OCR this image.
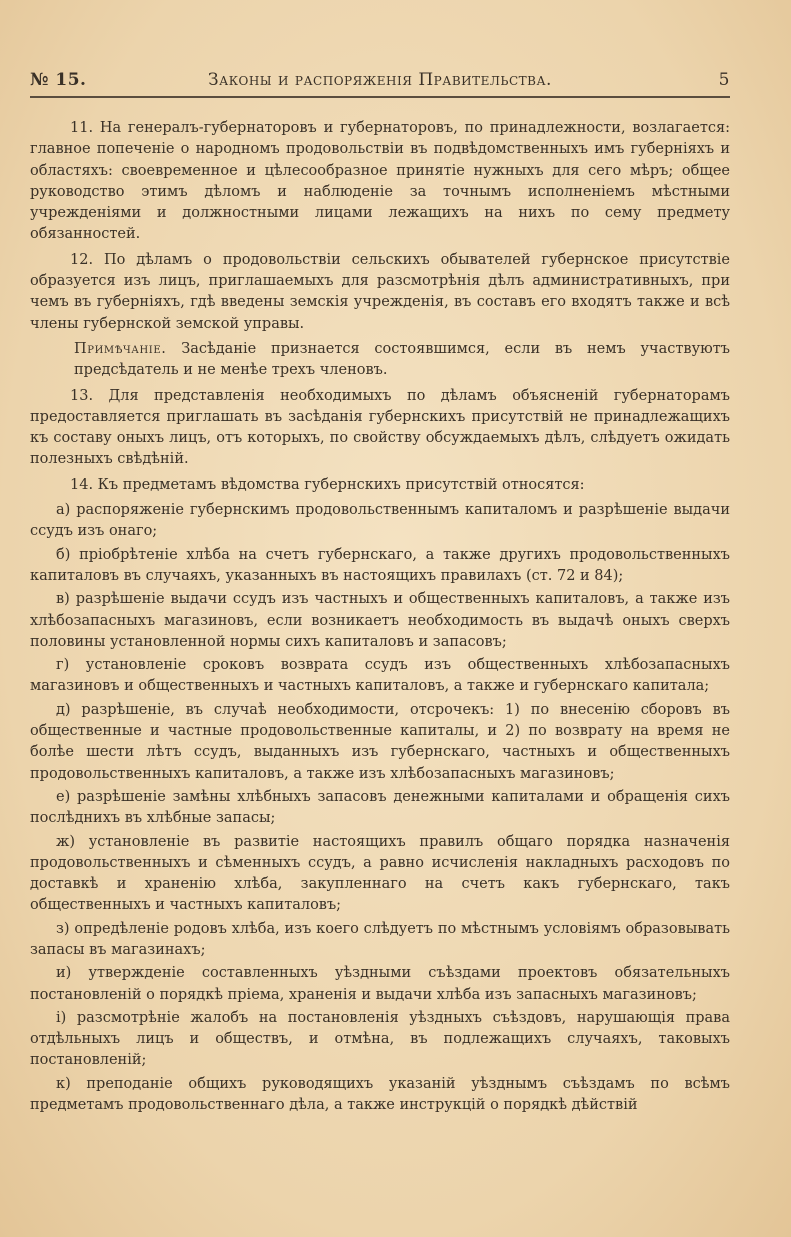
№ 15.	Законы и распоряженія Правительства.	5

11. На генералъ-губернаторовъ и губернаторовъ, по принадлежности, возлагается: главное попеченіе о народномъ продовольствіи въ подвѣдомственныхъ имъ губерніяхъ и областяхъ: своевременное и цѣлесообразное принятіе нужныхъ для сего мѣръ; общее руководство этимъ дѣломъ и наблюденіе за точнымъ исполненіемъ мѣстными учрежденіями и должностными лицами лежащихъ на нихъ по сему предмету обязанностей.

12. По дѣламъ о продовольствіи сельскихъ обывателей губернское присутствіе образуется изъ лицъ, приглашаемыхъ для разсмотрѣнія дѣлъ административныхъ, при чемъ въ губерніяхъ, гдѣ введены земскія учрежденія, въ составъ его входятъ также и всѣ члены губернской земской управы.

Примѣчаніе. Засѣданіе признается состоявшимся, если въ немъ участвуютъ предсѣдатель и не менѣе трехъ членовъ.

13. Для представленія необходимыхъ по дѣламъ объясненій губернаторамъ предоставляется приглашать въ засѣданія губернскихъ присутствій не принадлежащихъ къ составу оныхъ лицъ, отъ которыхъ, по свойству обсуждаемыхъ дѣлъ, слѣдуетъ ожидать полезныхъ свѣдѣній.

14. Къ предметамъ вѣдомства губернскихъ присутствій относятся:

а) распоряженіе губернскимъ продовольственнымъ капиталомъ и разрѣшеніе выдачи ссудъ изъ онаго;

б) пріобрѣтеніе хлѣба на счетъ губернскаго, а также другихъ продовольственныхъ капиталовъ въ случаяхъ, указанныхъ въ настоящихъ правилахъ (ст. 72 и 84);

в) разрѣшеніе выдачи ссудъ изъ частныхъ и общественныхъ капиталовъ, а также изъ хлѣбозапасныхъ магазиновъ, если возникаетъ необходимость въ выдачѣ оныхъ сверхъ половины установленной нормы сихъ капиталовъ и запасовъ;

г) установленіе сроковъ возврата ссудъ изъ общественныхъ хлѣбозапасныхъ магазиновъ и общественныхъ и частныхъ капиталовъ, а также и губернскаго капитала;

д) разрѣшеніе, въ случаѣ необходимости, отсрочекъ: 1) по внесенію сборовъ въ общественные и частные продовольственные капиталы, и 2) по возврату на время не болѣе шести лѣтъ ссудъ, выданныхъ изъ губернскаго, частныхъ и общественныхъ продовольственныхъ капиталовъ, а также изъ хлѣбозапасныхъ магазиновъ;

е) разрѣшеніе замѣны хлѣбныхъ запасовъ денежными капиталами и обращенія сихъ послѣднихъ въ хлѣбные запасы;

ж) установленіе въ развитіе настоящихъ правилъ общаго порядка назначенія продовольственныхъ и сѣменныхъ ссудъ, а равно исчисленія накладныхъ расходовъ по доставкѣ и храненію хлѣба, закупленнаго на счетъ какъ губернскаго, такъ общественныхъ и частныхъ капиталовъ;

з) опредѣленіе родовъ хлѣба, изъ коего слѣдуетъ по мѣстнымъ условіямъ образовывать запасы въ магазинахъ;

и) утвержденіе составленныхъ уѣздными съѣздами проектовъ обязательныхъ постановленій о порядкѣ пріема, храненія и выдачи хлѣба изъ запасныхъ магазиновъ;

і) разсмотрѣніе жалобъ на постановленія уѣздныхъ съѣздовъ, нарушающія права отдѣльныхъ лицъ и обществъ, и отмѣна, въ подлежащихъ случаяхъ, таковыхъ постановленій;

к) преподаніе общихъ руководящихъ указаній уѣзднымъ съѣздамъ по всѣмъ предметамъ продовольственнаго дѣла, а также инструкцій о порядкѣ дѣйствій
